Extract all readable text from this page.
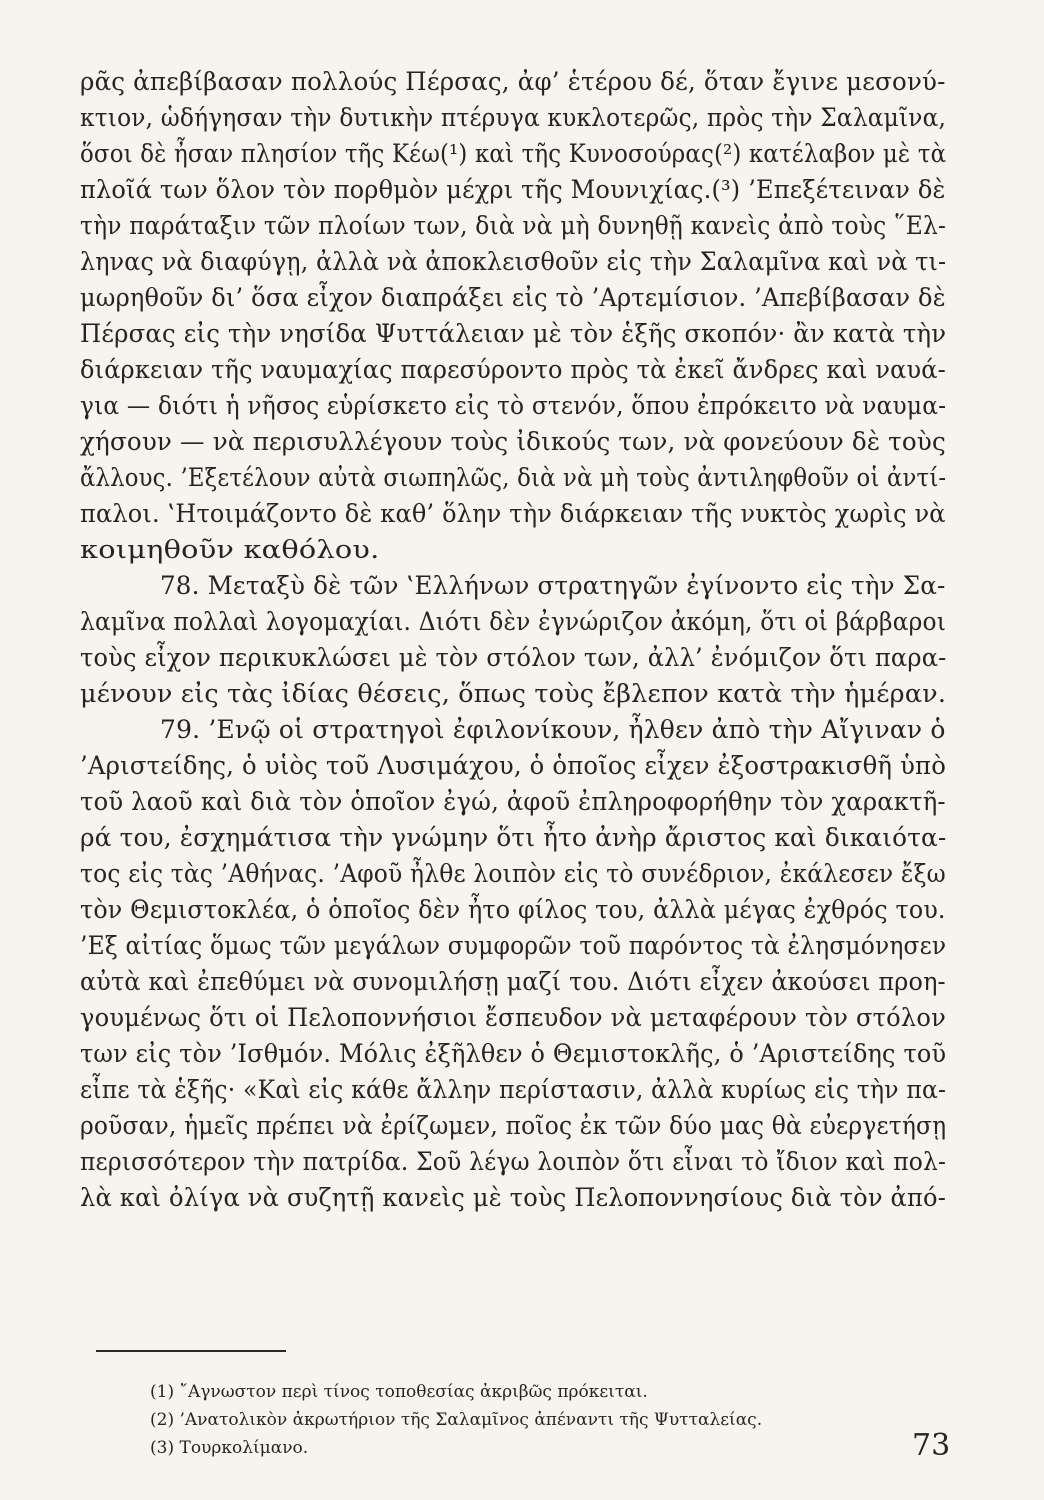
ρᾶς ἀπεβίβασαν πολλούς Πέρσας, ἀφ’ ἑτέρου δέ, ὅταν ἔγινε μεσονύ-
κτιον, ὡδήγησαν τὴν δυτικὴν πτέρυγα κυκλοτερῶς, πρὸς τὴν Σαλαμῖνα,
ὅσοι δὲ ἦσαν πλησίον τῆς Κέω(¹) καὶ τῆς Κυνοσούρας(²) κατέλαβον μὲ τὰ
πλοῖά των ὅλον τὸν πορθμὸν μέχρι τῆς Μουνιχίας.(³) ’Επεξέτειναν δὲ
τὴν παράταξιν τῶν πλοίων των, διὰ νὰ μὴ δυνηθῇ κανεὶς ἀπὸ τοὺς ῞Ελ-
ληνας νὰ διαφύγῃ, ἀλλὰ νὰ ἀποκλεισθοῦν εἰς τὴν Σαλαμῖνα καὶ νὰ τι-
μωρηθοῦν δι’ ὅσα εἶχον διαπράξει εἰς τὸ ’Αρτεμίσιον. ’Απεβίβασαν δὲ
Πέρσας εἰς τὴν νησίδα Ψυττάλειαν μὲ τὸν ἑξῆς σκοπόν· ἂν κατὰ τὴν
διάρκειαν τῆς ναυμαχίας παρεσύροντο πρὸς τὰ ἐκεῖ ἄνδρες καὶ ναυά-
για — διότι ἡ νῆσος εὑρίσκετο εἰς τὸ στενόν, ὅπου ἐπρόκειτο νὰ ναυμα-
χήσουν — νὰ περισυλλέγουν τοὺς ἰδικούς των, νὰ φονεύουν δὲ τοὺς
ἄλλους. ’Εξετέλουν αὐτὰ σιωπηλῶς, διὰ νὰ μὴ τοὺς ἀντιληφθοῦν οἱ ἀντί-
παλοι. ‛Ητοιμάζοντο δὲ καθ’ ὅλην τὴν διάρκειαν τῆς νυκτὸς χωρὶς νὰ
κοιμηθοῦν καθόλου.
78. Μεταξὺ δὲ τῶν ‛Ελλήνων στρατηγῶν ἐγίνοντο εἰς τὴν Σα-
λαμῖνα πολλαὶ λογομαχίαι. Διότι δὲν ἐγνώριζον ἀκόμη, ὅτι οἱ βάρβαροι
τοὺς εἶχον περικυκλώσει μὲ τὸν στόλον των, ἀλλ’ ἐνόμιζον ὅτι παρα-
μένουν εἰς τὰς ἰδίας θέσεις, ὅπως τοὺς ἔβλεπον κατὰ τὴν ἡμέραν.
79. ’Ενῷ οἱ στρατηγοὶ ἐφιλονίκουν, ἦλθεν ἀπὸ τὴν Αἴγιναν ὁ
’Αριστείδης, ὁ υἱὸς τοῦ Λυσιμάχου, ὁ ὁποῖος εἶχεν ἐξοστρακισθῆ ὑπὸ
τοῦ λαοῦ καὶ διὰ τὸν ὁποῖον ἐγώ, ἀφοῦ ἐπληροφορήθην τὸν χαρακτῆ-
ρά του, ἐσχημάτισα τὴν γνώμην ὅτι ἦτο ἀνὴρ ἄριστος καὶ δικαιότα-
τος εἰς τὰς ’Αθήνας. ’Αφοῦ ἦλθε λοιπὸν εἰς τὸ συνέδριον, ἐκάλεσεν ἔξω
τὸν Θεμιστοκλέα, ὁ ὁποῖος δὲν ἦτο φίλος του, ἀλλὰ μέγας ἐχθρός του.
’Εξ αἰτίας ὅμως τῶν μεγάλων συμφορῶν τοῦ παρόντος τὰ ἐλησμόνησεν
αὐτὰ καὶ ἐπεθύμει νὰ συνομιλήσῃ μαζί του. Διότι εἶχεν ἀκούσει προη-
γουμένως ὅτι οἱ Πελοποννήσιοι ἔσπευδον νὰ μεταφέρουν τὸν στόλον
των εἰς τὸν ’Ισθμόν. Μόλις ἐξῆλθεν ὁ Θεμιστοκλῆς, ὁ ’Αριστείδης τοῦ
εἶπε τὰ ἑξῆς· «Καὶ εἰς κάθε ἄλλην περίστασιν, ἀλλὰ κυρίως εἰς τὴν πα-
ροῦσαν, ἡμεῖς πρέπει νὰ ἐρίζωμεν, ποῖος ἐκ τῶν δύο μας θὰ εὐεργετήσῃ
περισσότερον τὴν πατρίδα. Σοῦ λέγω λοιπὸν ὅτι εἶναι τὸ ἴδιον καὶ πολ-
λὰ καὶ ὀλίγα νὰ συζητῇ κανεὶς μὲ τοὺς Πελοποννησίους διὰ τὸν ἀπό-
(1) ῎Αγνωστον περὶ τίνος τοποθεσίας ἀκριβῶς πρόκειται.
(2) ’Ανατολικὸν ἀκρωτήριον τῆς Σαλαμῖνος ἀπέναντι τῆς Ψυτταλείας.
(3) Τουρκολίμανο.	73
